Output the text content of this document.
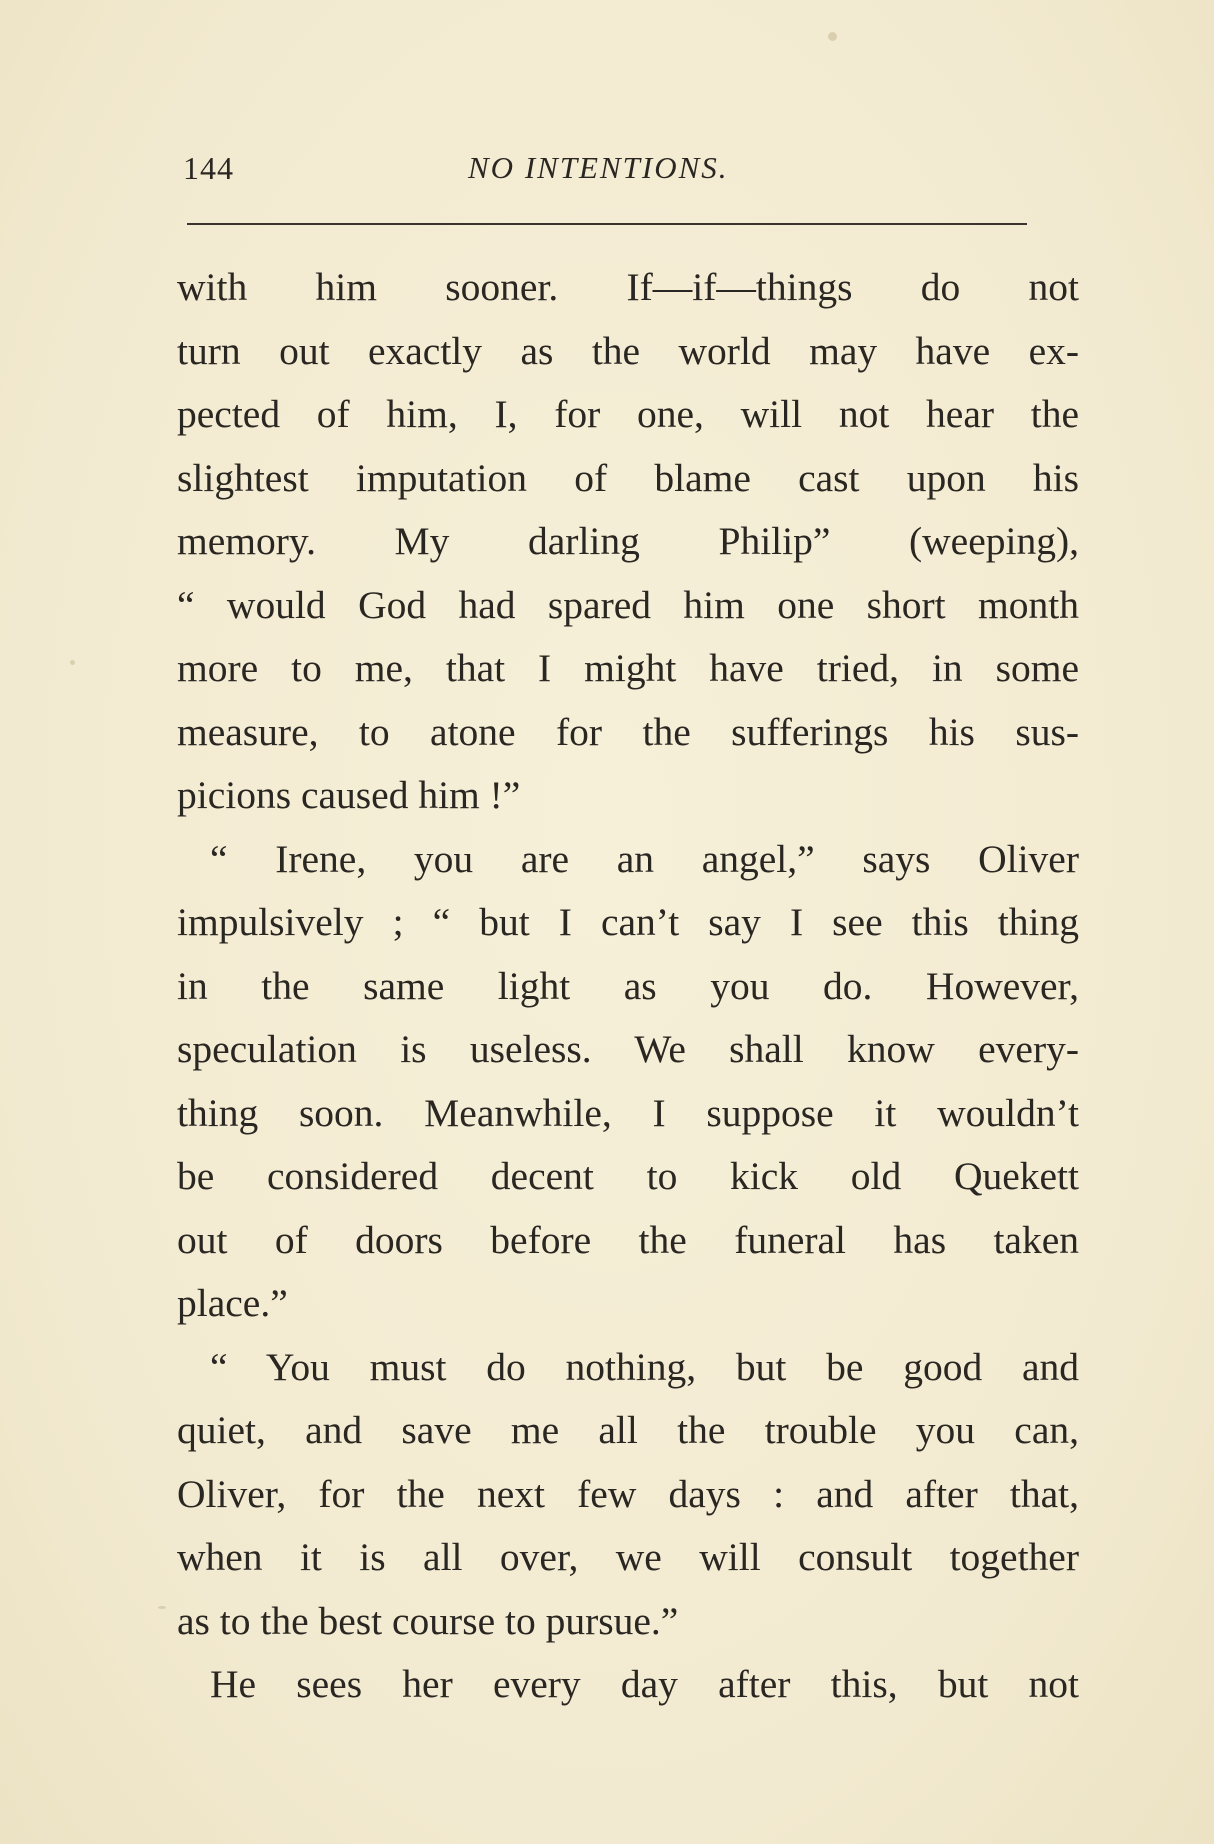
144	NO INTENTIONS.
with him sooner. If—if—things do not
turn out exactly as the world may have ex-
pected of him, I, for one, will not hear the
slightest imputation of blame cast upon his
memory. My darling Philip” (weeping),
“ would God had spared him one short month
more to me, that I might have tried, in some
measure, to atone for the sufferings his sus-
picions caused him !”
“ Irene, you are an angel,” says Oliver
impulsively ; “ but I can’t say I see this thing
in the same light as you do. However,
speculation is useless. We shall know every-
thing soon. Meanwhile, I suppose it wouldn’t
be considered decent to kick old Quekett
out of doors before the funeral has taken
place.”
“ You must do nothing, but be good and
quiet, and save me all the trouble you can,
Oliver, for the next few days : and after that,
when it is all over, we will consult together
as to the best course to pursue.”
He sees her every day after this, but not
